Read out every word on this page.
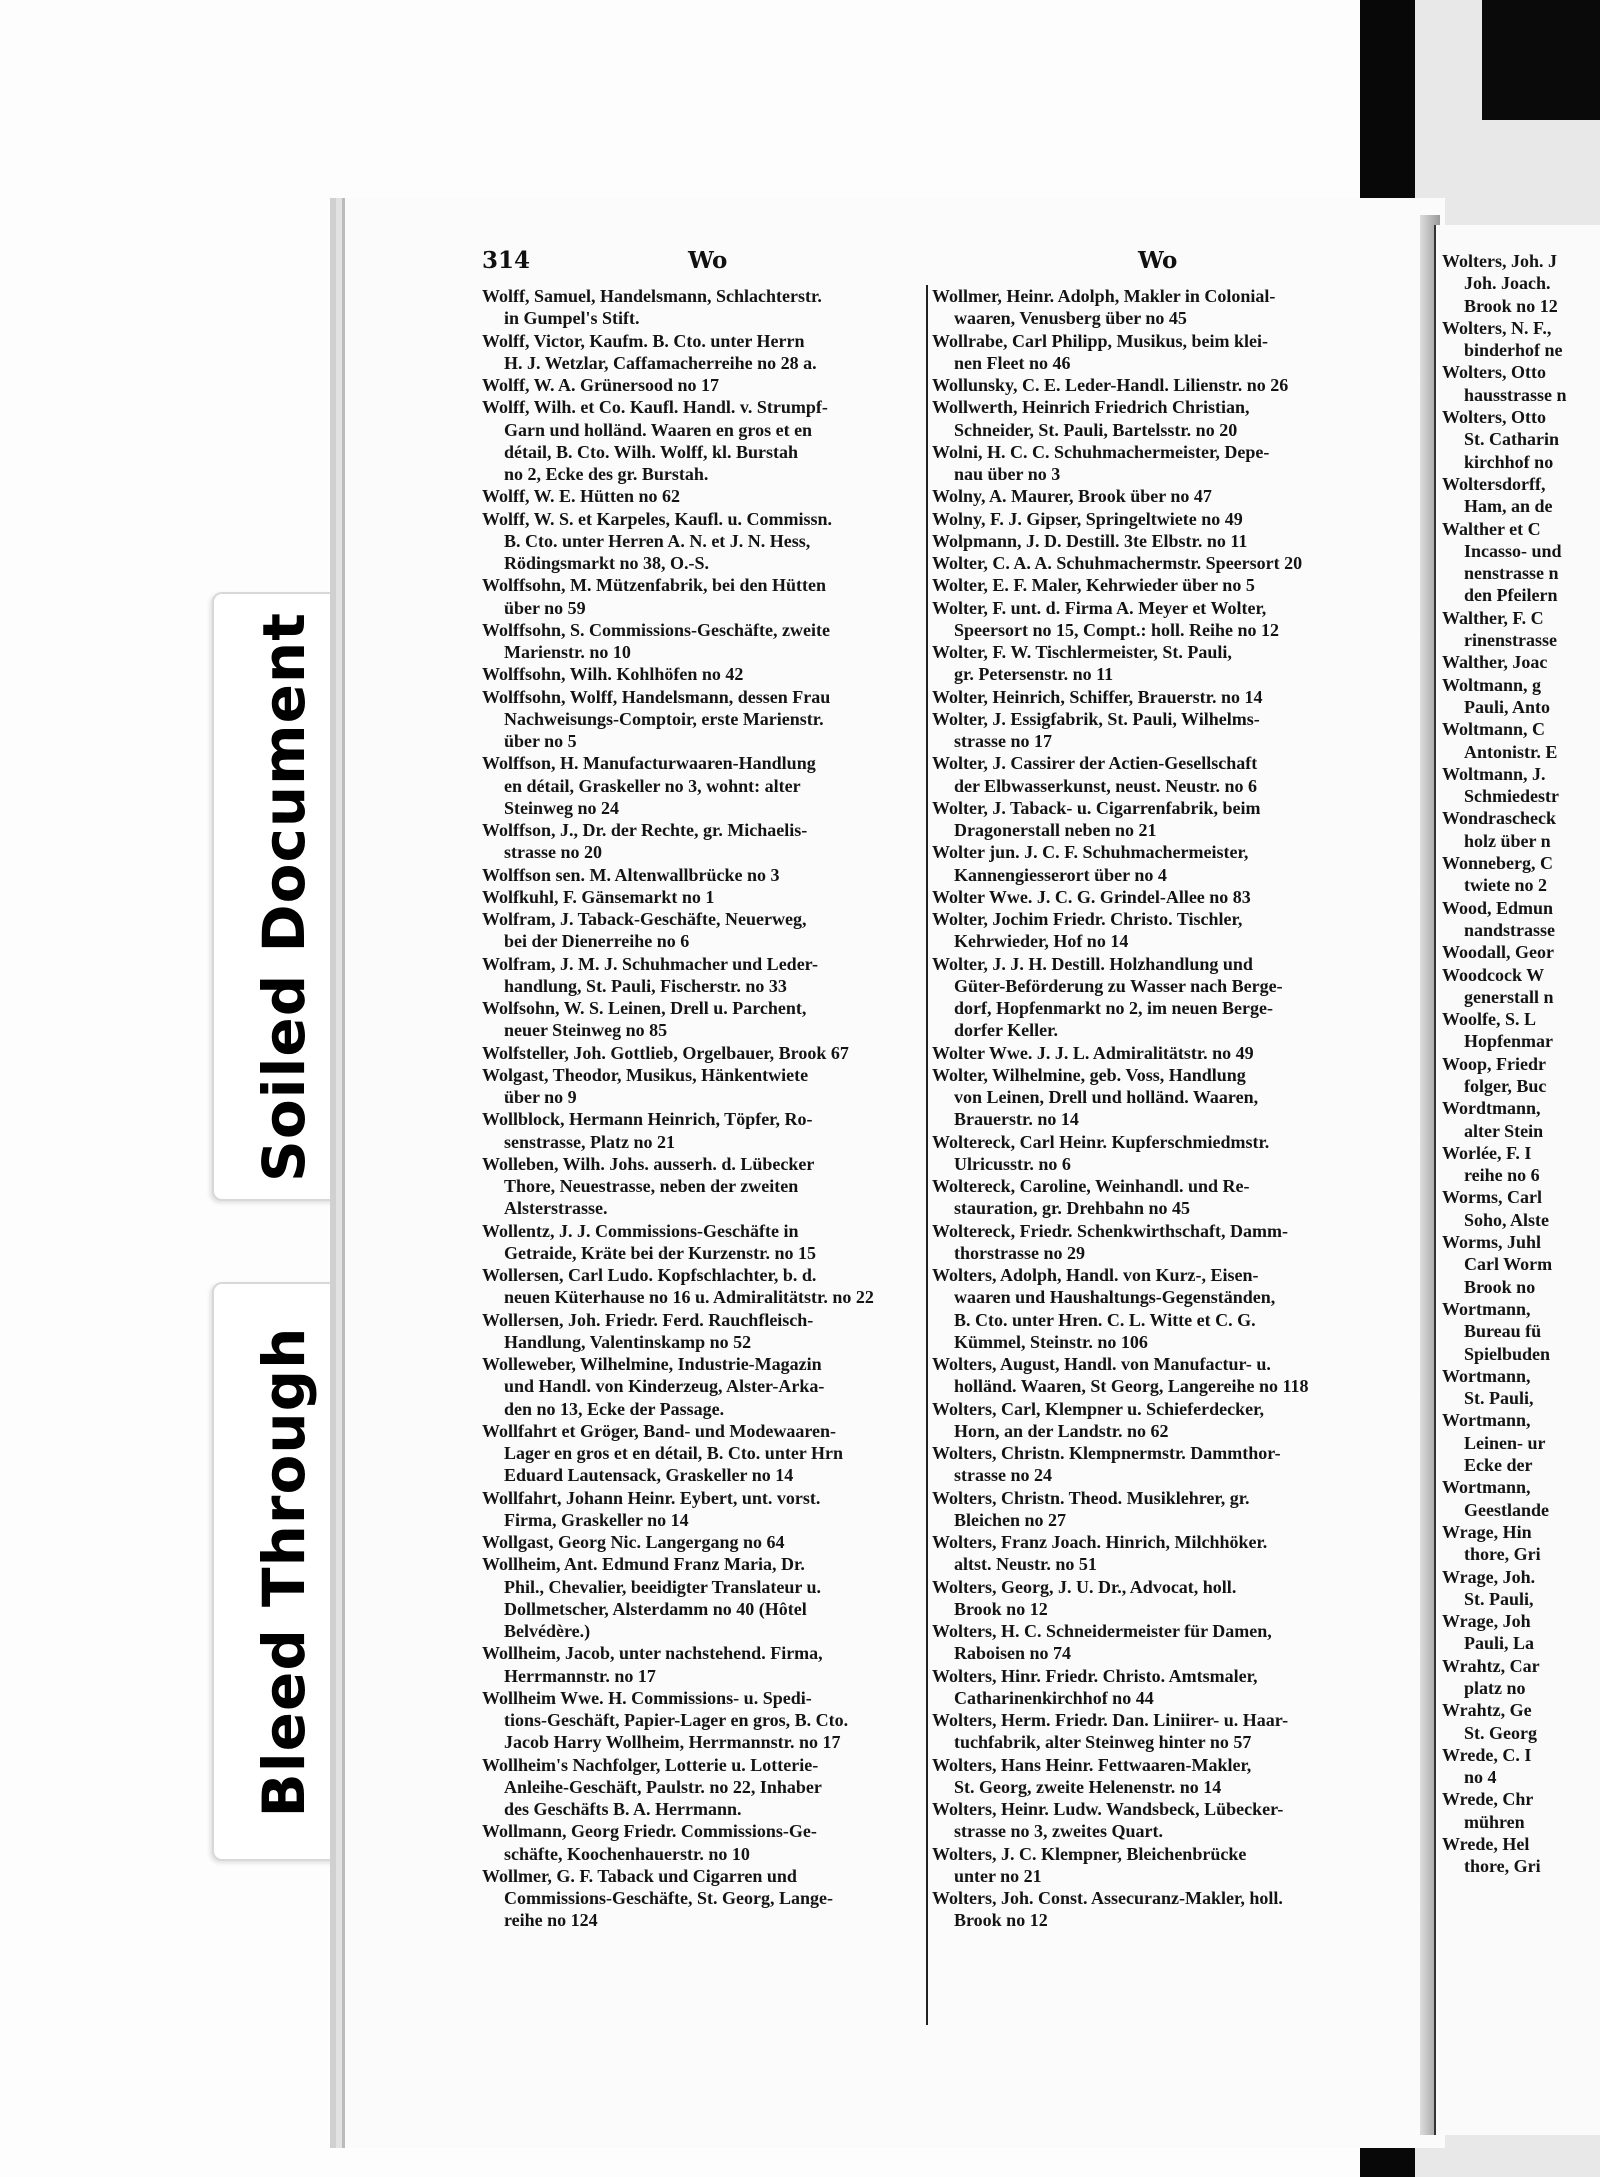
Soiled Document
Bleed Through
Wolters, Joh. J
Joh. Joach.
Brook no 12
Wolters, N. F.,
binderhof ne
Wolters, Otto
hausstrasse n
Wolters, Otto
St. Catharin
kirchhof no
Woltersdorff,
Ham, an de
Walther et C
Incasso- und
nenstrasse n
den Pfeilern
Walther, F. C
rinenstrasse
Walther, Joac
Woltmann, g
Pauli, Anto
Woltmann, C
Antonistr. E
Woltmann, J.
Schmiedestr
Wondrascheck
holz über n
Wonneberg, C
twiete no 2
Wood, Edmun
nandstrasse
Woodall, Geor
Woodcock W
generstall n
Woolfe, S. L
Hopfenmar
Woop, Friedr
folger, Buc
Wordtmann,
alter Stein
Worlée, F. I
reihe no 6
Worms, Carl
Soho, Alste
Worms, Juhl
Carl Worm
Brook no
Wortmann,
Bureau fü
Spielbuden
Wortmann,
St. Pauli,
Wortmann,
Leinen- ur
Ecke der
Wortmann,
Geestlande
Wrage, Hin
thore, Gri
Wrage, Joh.
St. Pauli,
Wrage, Joh
Pauli, La
Wrahtz, Car
platz no
Wrahtz, Ge
St. Georg
Wrede, C. I
no 4
Wrede, Chr
mühren
Wrede, Hel
thore, Gri
314	Wo	Wo
Wolff, Samuel, Handelsmann, Schlachterstr.
in Gumpel's Stift.
Wolff, Victor, Kaufm. B. Cto. unter Herrn
H. J. Wetzlar, Caffamacherreihe no 28 a.
Wolff, W. A. Grünersood no 17
Wolff, Wilh. et Co. Kaufl. Handl. v. Strumpf-
Garn und holländ. Waaren en gros et en
détail, B. Cto. Wilh. Wolff, kl. Burstah
no 2, Ecke des gr. Burstah.
Wolff, W. E. Hütten no 62
Wolff, W. S. et Karpeles, Kaufl. u. Commissn.
B. Cto. unter Herren A. N. et J. N. Hess,
Rödingsmarkt no 38, O.-S.
Wolffsohn, M. Mützenfabrik, bei den Hütten
über no 59
Wolffsohn, S. Commissions-Geschäfte, zweite
Marienstr. no 10
Wolffsohn, Wilh. Kohlhöfen no 42
Wolffsohn, Wolff, Handelsmann, dessen Frau
Nachweisungs-Comptoir, erste Marienstr.
über no 5
Wolffson, H. Manufacturwaaren-Handlung
en détail, Graskeller no 3, wohnt: alter
Steinweg no 24
Wolffson, J., Dr. der Rechte, gr. Michaelis-
strasse no 20
Wolffson sen. M. Altenwallbrücke no 3
Wolfkuhl, F. Gänsemarkt no 1
Wolfram, J. Taback-Geschäfte, Neuerweg,
bei der Dienerreihe no 6
Wolfram, J. M. J. Schuhmacher und Leder-
handlung, St. Pauli, Fischerstr. no 33
Wolfsohn, W. S. Leinen, Drell u. Parchent,
neuer Steinweg no 85
Wolfsteller, Joh. Gottlieb, Orgelbauer, Brook 67
Wolgast, Theodor, Musikus, Hänkentwiete
über no 9
Wollblock, Hermann Heinrich, Töpfer, Ro-
senstrasse, Platz no 21
Wolleben, Wilh. Johs. ausserh. d. Lübecker
Thore, Neuestrasse, neben der zweiten
Alsterstrasse.
Wollentz, J. J. Commissions-Geschäfte in
Getraide, Kräte bei der Kurzenstr. no 15
Wollersen, Carl Ludo. Kopfschlachter, b. d.
neuen Küterhause no 16 u. Admiralitätstr. no 22
Wollersen, Joh. Friedr. Ferd. Rauchfleisch-
Handlung, Valentinskamp no 52
Wolleweber, Wilhelmine, Industrie-Magazin
und Handl. von Kinderzeug, Alster-Arka-
den no 13, Ecke der Passage.
Wollfahrt et Gröger, Band- und Modewaaren-
Lager en gros et en détail, B. Cto. unter Hrn
Eduard Lautensack, Graskeller no 14
Wollfahrt, Johann Heinr. Eybert, unt. vorst.
Firma, Graskeller no 14
Wollgast, Georg Nic. Langergang no 64
Wollheim, Ant. Edmund Franz Maria, Dr.
Phil., Chevalier, beeidigter Translateur u.
Dollmetscher, Alsterdamm no 40 (Hôtel
Belvédère.)
Wollheim, Jacob, unter nachstehend. Firma,
Herrmannstr. no 17
Wollheim Wwe. H. Commissions- u. Spedi-
tions-Geschäft, Papier-Lager en gros, B. Cto.
Jacob Harry Wollheim, Herrmannstr. no 17
Wollheim's Nachfolger, Lotterie u. Lotterie-
Anleihe-Geschäft, Paulstr. no 22, Inhaber
des Geschäfts B. A. Herrmann.
Wollmann, Georg Friedr. Commissions-Ge-
schäfte, Koochenhauerstr. no 10
Wollmer, G. F. Taback und Cigarren und
Commissions-Geschäfte, St. Georg, Lange-
reihe no 124
Wollmer, Heinr. Adolph, Makler in Colonial-
waaren, Venusberg über no 45
Wollrabe, Carl Philipp, Musikus, beim klei-
nen Fleet no 46
Wollunsky, C. E. Leder-Handl. Lilienstr. no 26
Wollwerth, Heinrich Friedrich Christian,
Schneider, St. Pauli, Bartelsstr. no 20
Wolni, H. C. C. Schuhmachermeister, Depe-
nau über no 3
Wolny, A. Maurer, Brook über no 47
Wolny, F. J. Gipser, Springeltwiete no 49
Wolpmann, J. D. Destill. 3te Elbstr. no 11
Wolter, C. A. A. Schuhmachermstr. Speersort 20
Wolter, E. F. Maler, Kehrwieder über no 5
Wolter, F. unt. d. Firma A. Meyer et Wolter,
Speersort no 15, Compt.: holl. Reihe no 12
Wolter, F. W. Tischlermeister, St. Pauli,
gr. Petersenstr. no 11
Wolter, Heinrich, Schiffer, Brauerstr. no 14
Wolter, J. Essigfabrik, St. Pauli, Wilhelms-
strasse no 17
Wolter, J. Cassirer der Actien-Gesellschaft
der Elbwasserkunst, neust. Neustr. no 6
Wolter, J. Taback- u. Cigarrenfabrik, beim
Dragonerstall neben no 21
Wolter jun. J. C. F. Schuhmachermeister,
Kannengiesserort über no 4
Wolter Wwe. J. C. G. Grindel-Allee no 83
Wolter, Jochim Friedr. Christo. Tischler,
Kehrwieder, Hof no 14
Wolter, J. J. H. Destill. Holzhandlung und
Güter-Beförderung zu Wasser nach Berge-
dorf, Hopfenmarkt no 2, im neuen Berge-
dorfer Keller.
Wolter Wwe. J. J. L. Admiralitätstr. no 49
Wolter, Wilhelmine, geb. Voss, Handlung
von Leinen, Drell und holländ. Waaren,
Brauerstr. no 14
Woltereck, Carl Heinr. Kupferschmiedmstr.
Ulricusstr. no 6
Woltereck, Caroline, Weinhandl. und Re-
stauration, gr. Drehbahn no 45
Woltereck, Friedr. Schenkwirthschaft, Damm-
thorstrasse no 29
Wolters, Adolph, Handl. von Kurz-, Eisen-
waaren und Haushaltungs-Gegenständen,
B. Cto. unter Hren. C. L. Witte et C. G.
Kümmel, Steinstr. no 106
Wolters, August, Handl. von Manufactur- u.
holländ. Waaren, St Georg, Langereihe no 118
Wolters, Carl, Klempner u. Schieferdecker,
Horn, an der Landstr. no 62
Wolters, Christn. Klempnermstr. Dammthor-
strasse no 24
Wolters, Christn. Theod. Musiklehrer, gr.
Bleichen no 27
Wolters, Franz Joach. Hinrich, Milchhöker.
altst. Neustr. no 51
Wolters, Georg, J. U. Dr., Advocat, holl.
Brook no 12
Wolters, H. C. Schneidermeister für Damen,
Raboisen no 74
Wolters, Hinr. Friedr. Christo. Amtsmaler,
Catharinenkirchhof no 44
Wolters, Herm. Friedr. Dan. Liniirer- u. Haar-
tuchfabrik, alter Steinweg hinter no 57
Wolters, Hans Heinr. Fettwaaren-Makler,
St. Georg, zweite Helenenstr. no 14
Wolters, Heinr. Ludw. Wandsbeck, Lübecker-
strasse no 3, zweites Quart.
Wolters, J. C. Klempner, Bleichenbrücke
unter no 21
Wolters, Joh. Const. Assecuranz-Makler, holl.
Brook no 12
